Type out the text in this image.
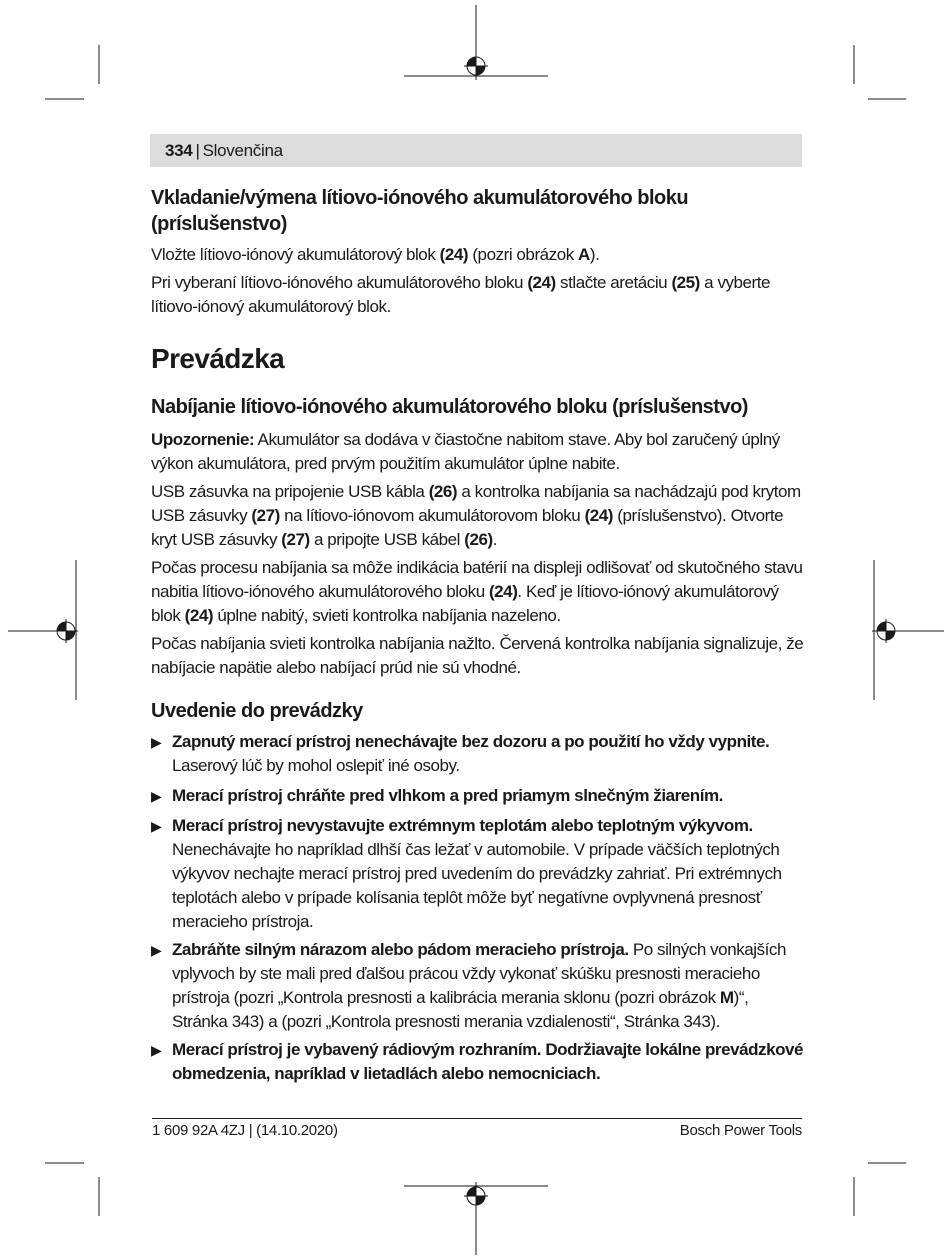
334 | Slovenčina
Vkladanie/výmena lítiovo-iónového akumulátorového bloku
(príslušenstvo)

Vložte lítiovo-iónový akumulátorový blok (24) (pozri obrázok A).

Pri vyberaní lítiovo-iónového akumulátorového bloku (24) stlačte aretáciu (25) a vyberte lítiovo-iónový akumulátorový blok.

Prevádzka
Nabíjanie lítiovo-iónového akumulátorového bloku (príslušenstvo)

Upozornenie: Akumulátor sa dodáva v čiastočne nabitom stave. Aby bol zaručený úplný výkon akumulátora, pred prvým použitím akumulátor úplne nabite.

USB zásuvka na pripojenie USB kábla (26) a kontrolka nabíjania sa nachádzajú pod krytom USB zásuvky (27) na lítiovo-iónovom akumulátorovom bloku (24) (príslušenstvo). Otvorte kryt USB zásuvky (27) a pripojte USB kábel (26).

Počas procesu nabíjania sa môže indikácia batérií na displeji odlišovať od skutočného stavu nabitia lítiovo-iónového akumulátorového bloku (24). Keď je lítiovo-iónový akumulátorový blok (24) úplne nabitý, svieti kontrolka nabíjania nazeleno.

Počas nabíjania svieti kontrolka nabíjania nažlto. Červená kontrolka nabíjania signalizuje, že nabíjacie napätie alebo nabíjací prúd nie sú vhodné.

Uvedenie do prevádzky
▶ Zapnutý merací prístroj nenechávajte bez dozoru a po použití ho vždy vypnite. Laserový lúč by mohol oslepiť iné osoby.
▶ Merací prístroj chráňte pred vlhkom a pred priamym slnečným žiarením.
▶ Merací prístroj nevystavujte extrémnym teplotám alebo teplotným výkyvom. Nenechávajte ho napríklad dlhší čas ležať v automobile. V prípade väčších teplotných výkyvov nechajte merací prístroj pred uvedením do prevádzky zahriať. Pri extrémnych teplotách alebo v prípade kolísania teplôt môže byť negatívne ovplyvnená presnosť meracieho prístroja.
▶ Zabráňte silným nárazom alebo pádom meracieho prístroja. Po silných vonkajších vplyvoch by ste mali pred ďalšou prácou vždy vykonať skúšku presnosti meracieho prístroja (pozri „Kontrola presnosti a kalibrácia merania sklonu (pozri obrázok M)“, Stránka 343) a (pozri „Kontrola presnosti merania vzdialenosti“, Stránka 343).
▶ Merací prístroj je vybavený rádiovým rozhraním. Dodržiavajte lokálne prevádzkové obmedzenia, napríklad v lietadlách alebo nemocniciach.
1 609 92A 4ZJ | (14.10.2020)	Bosch Power Tools
